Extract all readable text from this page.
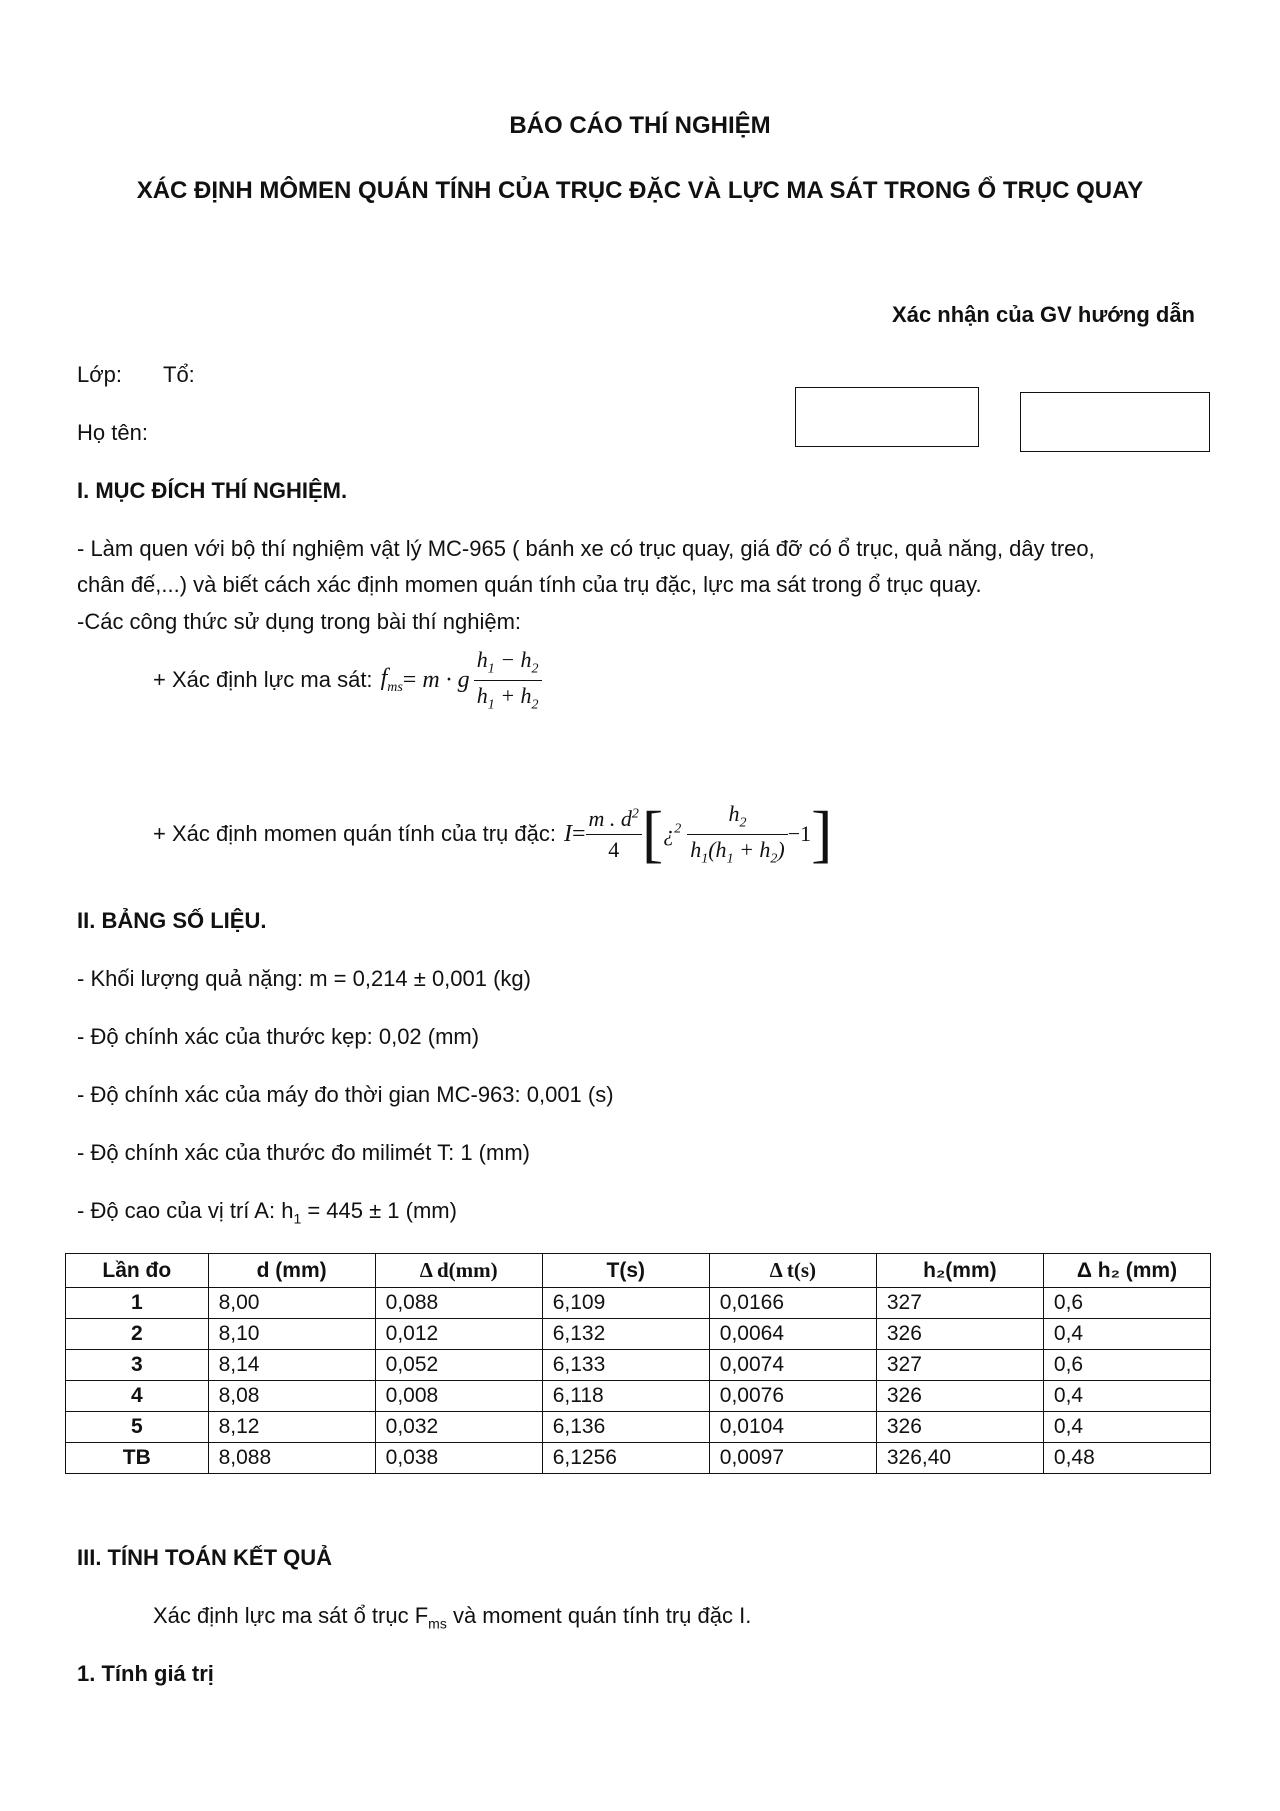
BÁO CÁO THÍ NGHIỆM
XÁC ĐỊNH MÔMEN QUÁN TÍNH CỦA TRỤC ĐẶC VÀ LỰC MA SÁT TRONG Ổ TRỤC QUAY
Xác nhận của GV hướng dẫn
Lớp: Tổ:
Họ tên:
I. MỤC ĐÍCH THÍ NGHIỆM.
- Làm quen với bộ thí nghiệm vật lý MC-965 ( bánh xe có trục quay, giá đỡ có ổ trục, quả năng, dây treo,
chân đế,...) và biết cách xác định momen quán tính của trụ đặc, lực ma sát trong ổ trục quay.
-Các công thức sử dụng trong bài thí nghiệm:
+ Xác định lực ma sát: $f_{ms} = m \cdot g \frac{h_1 - h_2}{h_1 + h_2}$
+ Xác định momen quán tính của trụ đặc: $I = \frac{m . d^2}{4}$ [ ¿$^2 \frac{h_2}{h_1(h_1 + h_2)} -1$ ]
II. BẢNG SỐ LIỆU.
- Khối lượng quả nặng: m = 0,214 ± 0,001 (kg)
- Độ chính xác của thước kẹp: 0,02 (mm)
- Độ chính xác của máy đo thời gian MC-963: 0,001 (s)
- Độ chính xác của thước đo milimét T: 1 (mm)
- Độ cao của vị trí A: $h_1 = 445 \pm 1$ (mm)
Lần đo	d (mm)	Δ d(mm)	T(s)	Δ t(s)	h₂(mm)	Δ h₂ (mm)
1	8,00	0,088	6,109	0,0166	327	0,6
2	8,10	0,012	6,132	0,0064	326	0,4
3	8,14	0,052	6,133	0,0074	327	0,6
4	8,08	0,008	6,118	0,0076	326	0,4
5	8,12	0,032	6,136	0,0104	326	0,4
TB	8,088	0,038	6,1256	0,0097	326,40	0,48
III. TÍNH TOÁN KẾT QUẢ
Xác định lực ma sát ổ trục $F_{ms}$ và moment quán tính trụ đặc I.
1. Tính giá trị
